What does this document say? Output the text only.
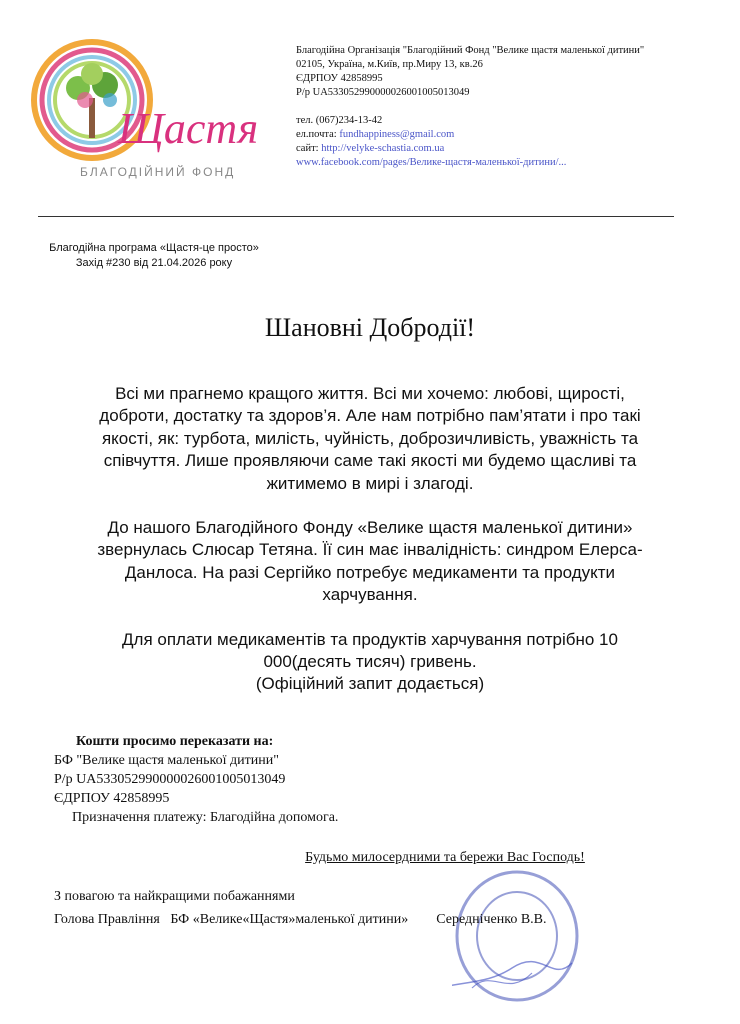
Щастя
БЛАГОДІЙНИЙ ФОНД
Благодійна Організація "Благодійний Фонд "Велике щастя маленької дитини"
02105, Україна, м.Київ, пр.Миру 13, кв.26
ЄДРПОУ 42858995
Р/р UA533052990000026001005013049
тел. (067)234-13-42
ел.почта: fundhappiness@gmail.com
сайт: http://velyke-schastia.com.ua
www.facebook.com/pages/Велике-щастя-маленької-дитини/...
Благодійна програма «Щастя-це просто»
Захід #230 від 21.04.2026 року
Шановні Добродії!
Всі ми прагнемо кращого життя. Всі ми хочемо: любові, щирості, доброти, достатку та здоров’я. Але нам потрібно пам’ятати і про такі якості, як: турбота, милість, чуйність, доброзичливість, уважність та співчуття. Лише проявляючи саме такі якості ми будемо щасливі та житимемо в мирі і злагоді.
До нашого Благодійного Фонду «Велике щастя маленької дитини» звернулась Слюсар Тетяна. Її син має інвалідність: синдром Елерса-Данлоса. На разі Сергійко потребує медикаменти та продукти харчування.
Для оплати медикаментів та продуктів харчування потрібно 10 000(десять тисяч) гривень.
(Офіційний запит додається)
Кошти просимо переказати на:
БФ "Велике щастя маленької дитини"
Р/р UA533052990000026001005013049
ЄДРПОУ 42858995
Призначення платежу: Благодійна допомога.
Будьмо милосердними та бережи Вас Господь!
З повагою та найкращими побажаннями
Голова Правління   БФ «Велике«Щастя»маленької дитини»        Середніченко В.В.
